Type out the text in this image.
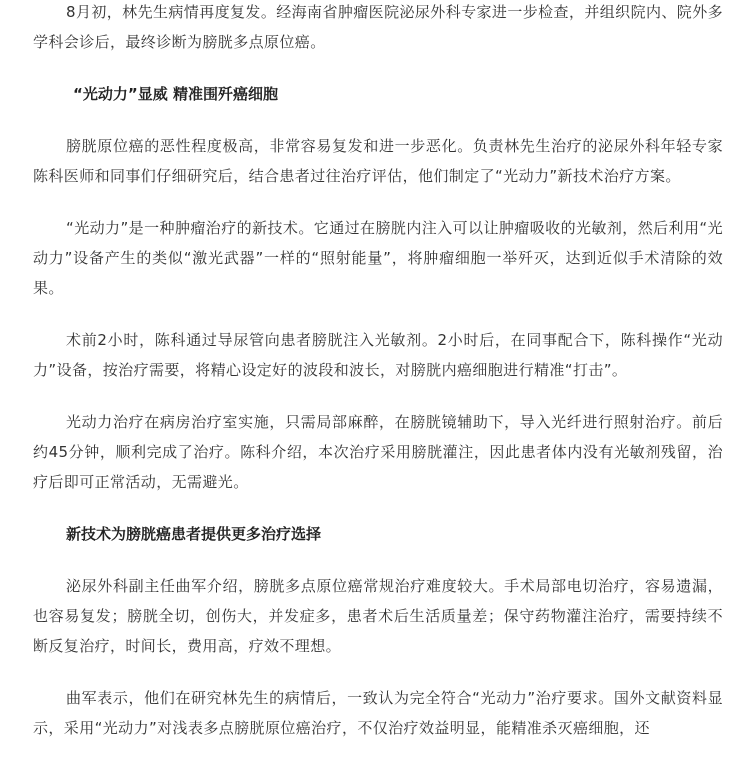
8月初，林先生病情再度复发。经海南省肿瘤医院泌尿外科专家进一步检查，并组织院内、院外多学科会诊后，最终诊断为膀胱多点原位癌。

“光动力”显威 精准围歼癌细胞

膀胱原位癌的恶性程度极高，非常容易复发和进一步恶化。负责林先生治疗的泌尿外科年轻专家陈科医师和同事们仔细研究后，结合患者过往治疗评估，他们制定了“光动力”新技术治疗方案。

“光动力”是一种肿瘤治疗的新技术。它通过在膀胱内注入可以让肿瘤吸收的光敏剂，然后利用“光动力”设备产生的类似“激光武器”一样的“照射能量”，将肿瘤细胞一举歼灭，达到近似手术清除的效果。

术前2小时，陈科通过导尿管向患者膀胱注入光敏剂。2小时后，在同事配合下，陈科操作“光动力”设备，按治疗需要，将精心设定好的波段和波长，对膀胱内癌细胞进行精准“打击”。

光动力治疗在病房治疗室实施，只需局部麻醉，在膀胱镜辅助下，导入光纤进行照射治疗。前后约45分钟，顺利完成了治疗。陈科介绍，本次治疗采用膀胱灌注，因此患者体内没有光敏剂残留，治疗后即可正常活动，无需避光。

新技术为膀胱癌患者提供更多治疗选择

泌尿外科副主任曲军介绍，膀胱多点原位癌常规治疗难度较大。手术局部电切治疗，容易遗漏，也容易复发；膀胱全切，创伤大，并发症多，患者术后生活质量差；保守药物灌注治疗，需要持续不断反复治疗，时间长，费用高，疗效不理想。

曲军表示，他们在研究林先生的病情后，一致认为完全符合“光动力”治疗要求。国外文献资料显示，采用“光动力”对浅表多点膀胱原位癌治疗，不仅治疗效益明显，能精准杀灭癌细胞，还
